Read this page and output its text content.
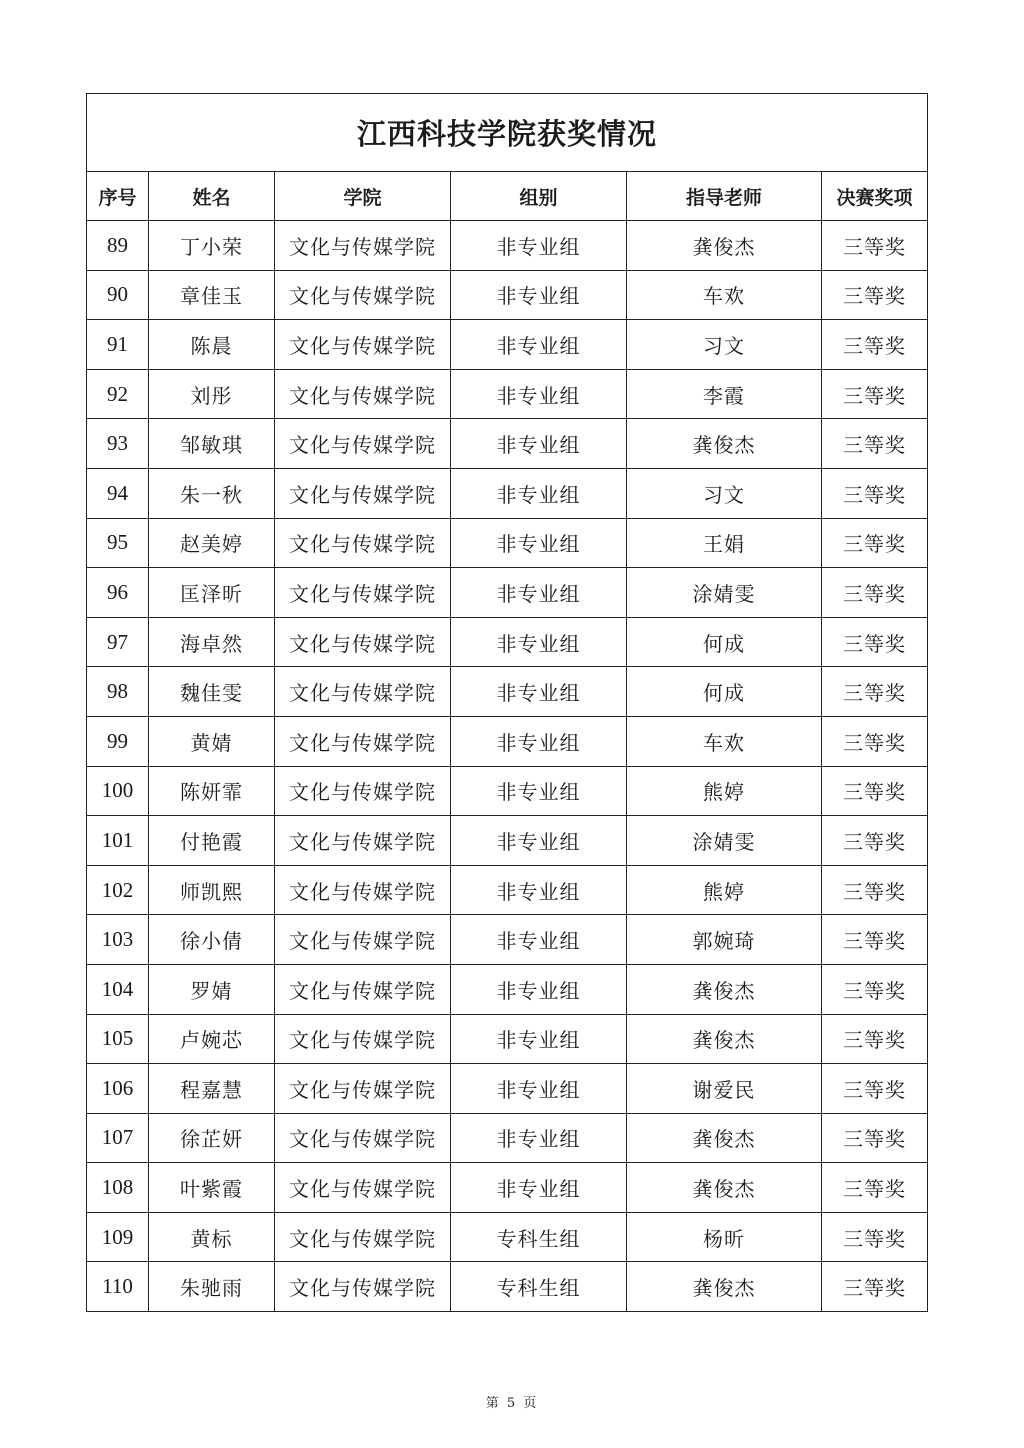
江西科技学院获奖情况					
序号	姓名	学院	组别	指导老师	决赛奖项
89	丁小荣	文化与传媒学院	非专业组	龚俊杰	三等奖
90	章佳玉	文化与传媒学院	非专业组	车欢	三等奖
91	陈晨	文化与传媒学院	非专业组	习文	三等奖
92	刘彤	文化与传媒学院	非专业组	李霞	三等奖
93	邹敏琪	文化与传媒学院	非专业组	龚俊杰	三等奖
94	朱一秋	文化与传媒学院	非专业组	习文	三等奖
95	赵美婷	文化与传媒学院	非专业组	王娟	三等奖
96	匡泽昕	文化与传媒学院	非专业组	涂婧雯	三等奖
97	海卓然	文化与传媒学院	非专业组	何成	三等奖
98	魏佳雯	文化与传媒学院	非专业组	何成	三等奖
99	黄婧	文化与传媒学院	非专业组	车欢	三等奖
100	陈妍霏	文化与传媒学院	非专业组	熊婷	三等奖
101	付艳霞	文化与传媒学院	非专业组	涂婧雯	三等奖
102	师凯熙	文化与传媒学院	非专业组	熊婷	三等奖
103	徐小倩	文化与传媒学院	非专业组	郭婉琦	三等奖
104	罗婧	文化与传媒学院	非专业组	龚俊杰	三等奖
105	卢婉芯	文化与传媒学院	非专业组	龚俊杰	三等奖
106	程嘉慧	文化与传媒学院	非专业组	谢爱民	三等奖
107	徐芷妍	文化与传媒学院	非专业组	龚俊杰	三等奖
108	叶紫霞	文化与传媒学院	非专业组	龚俊杰	三等奖
109	黄标	文化与传媒学院	专科生组	杨昕	三等奖
110	朱驰雨	文化与传媒学院	专科生组	龚俊杰	三等奖
第 5 页
